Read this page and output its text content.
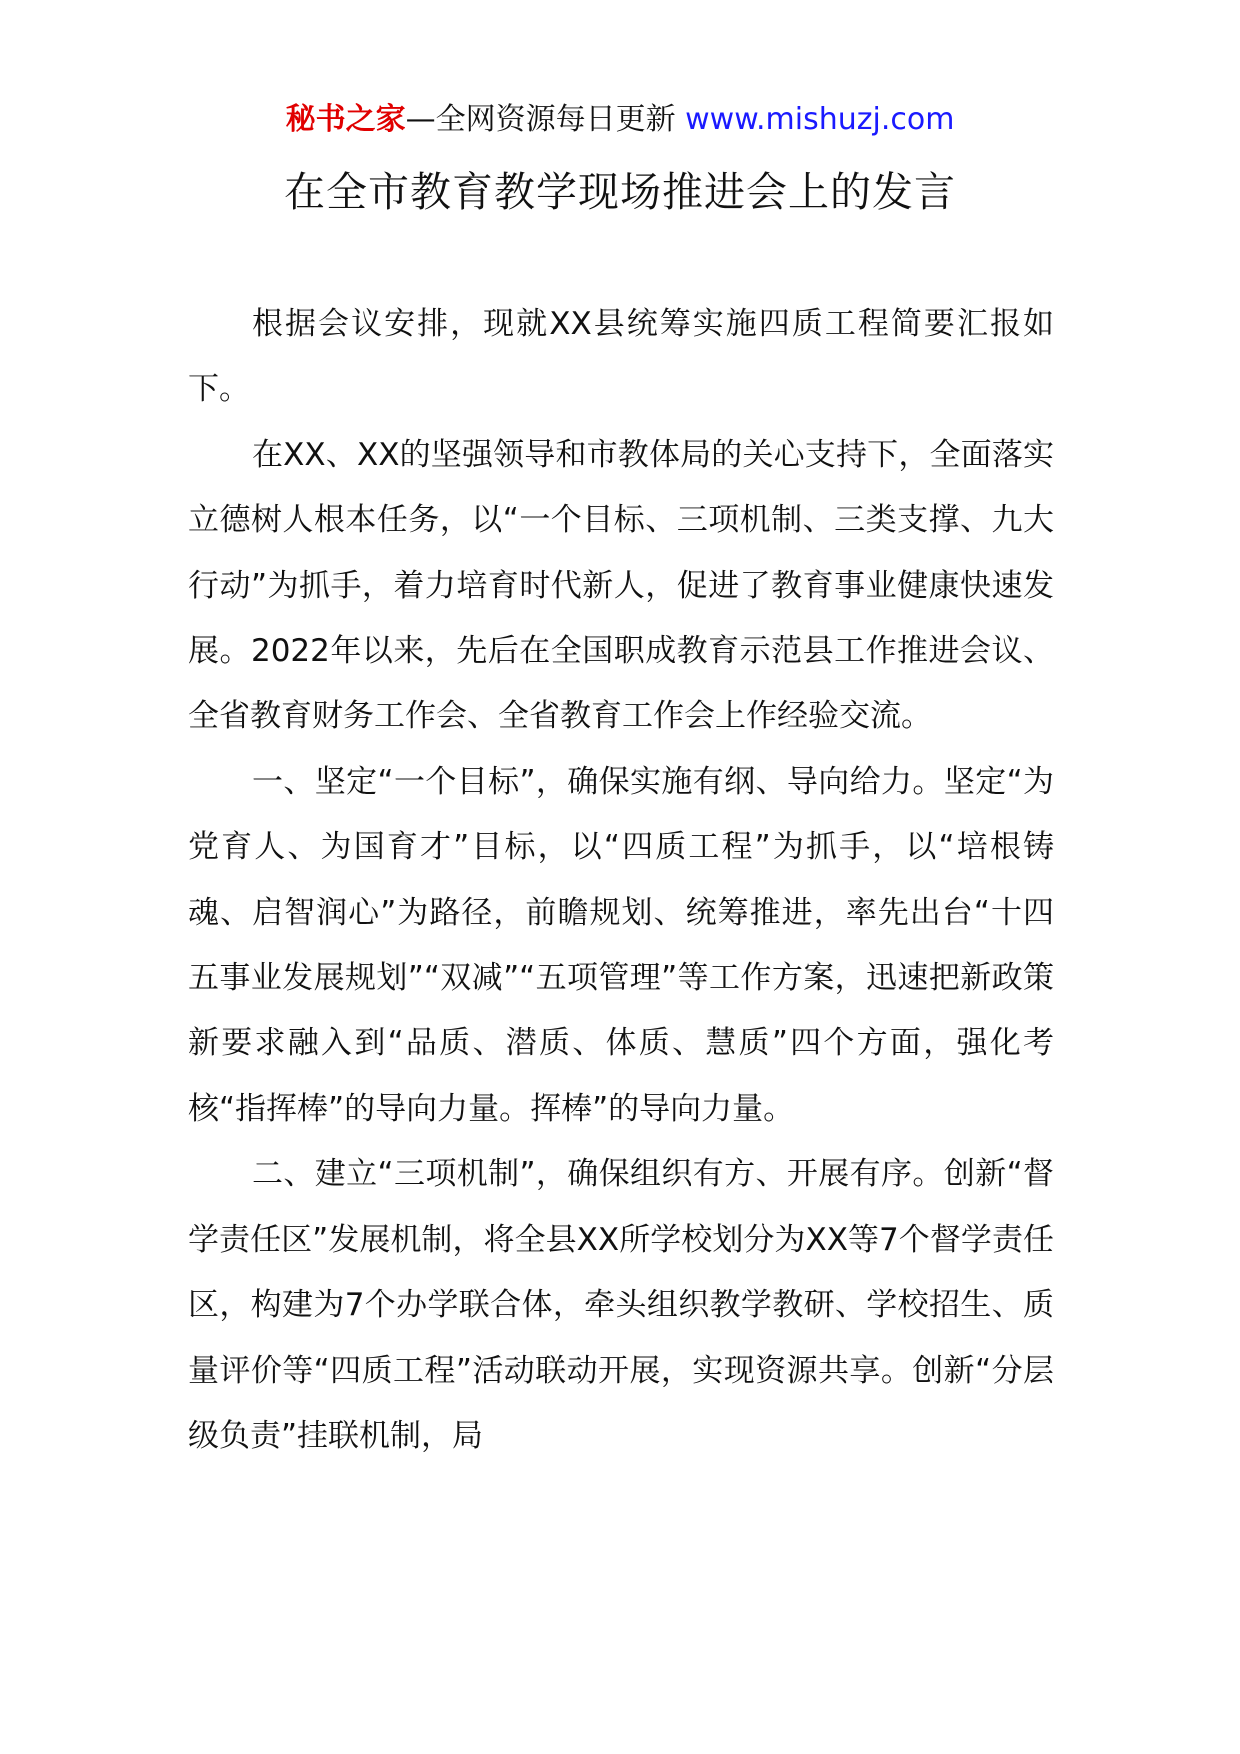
秘书之家—全网资源每日更新 www.mishuzj.com
在全市教育教学现场推进会上的发言

根据会议安排，现就XX县统筹实施四质工程简要汇报如下。

在XX、XX的坚强领导和市教体局的关心支持下，全面落实立德树人根本任务，以“一个目标、三项机制、三类支撑、九大行动”为抓手，着力培育时代新人，促进了教育事业健康快速发展。2022年以来，先后在全国职成教育示范县工作推进会议、全省教育财务工作会、全省教育工作会上作经验交流。

一、坚定“一个目标”，确保实施有纲、导向给力。坚定“为党育人、为国育才”目标，以“四质工程”为抓手，以“培根铸魂、启智润心”为路径，前瞻规划、统筹推进，率先出台“十四五事业发展规划”“双减”“五项管理”等工作方案，迅速把新政策新要求融入到“品质、潜质、体质、慧质”四个方面，强化考核“指挥棒”的导向力量。挥棒”的导向力量。

二、建立“三项机制”，确保组织有方、开展有序。创新“督学责任区”发展机制，将全县XX所学校划分为XX等7个督学责任区，构建为7个办学联合体，牵头组织教学教研、学校招生、质量评价等“四质工程”活动联动开展，实现资源共享。创新“分层级负责”挂联机制，局
